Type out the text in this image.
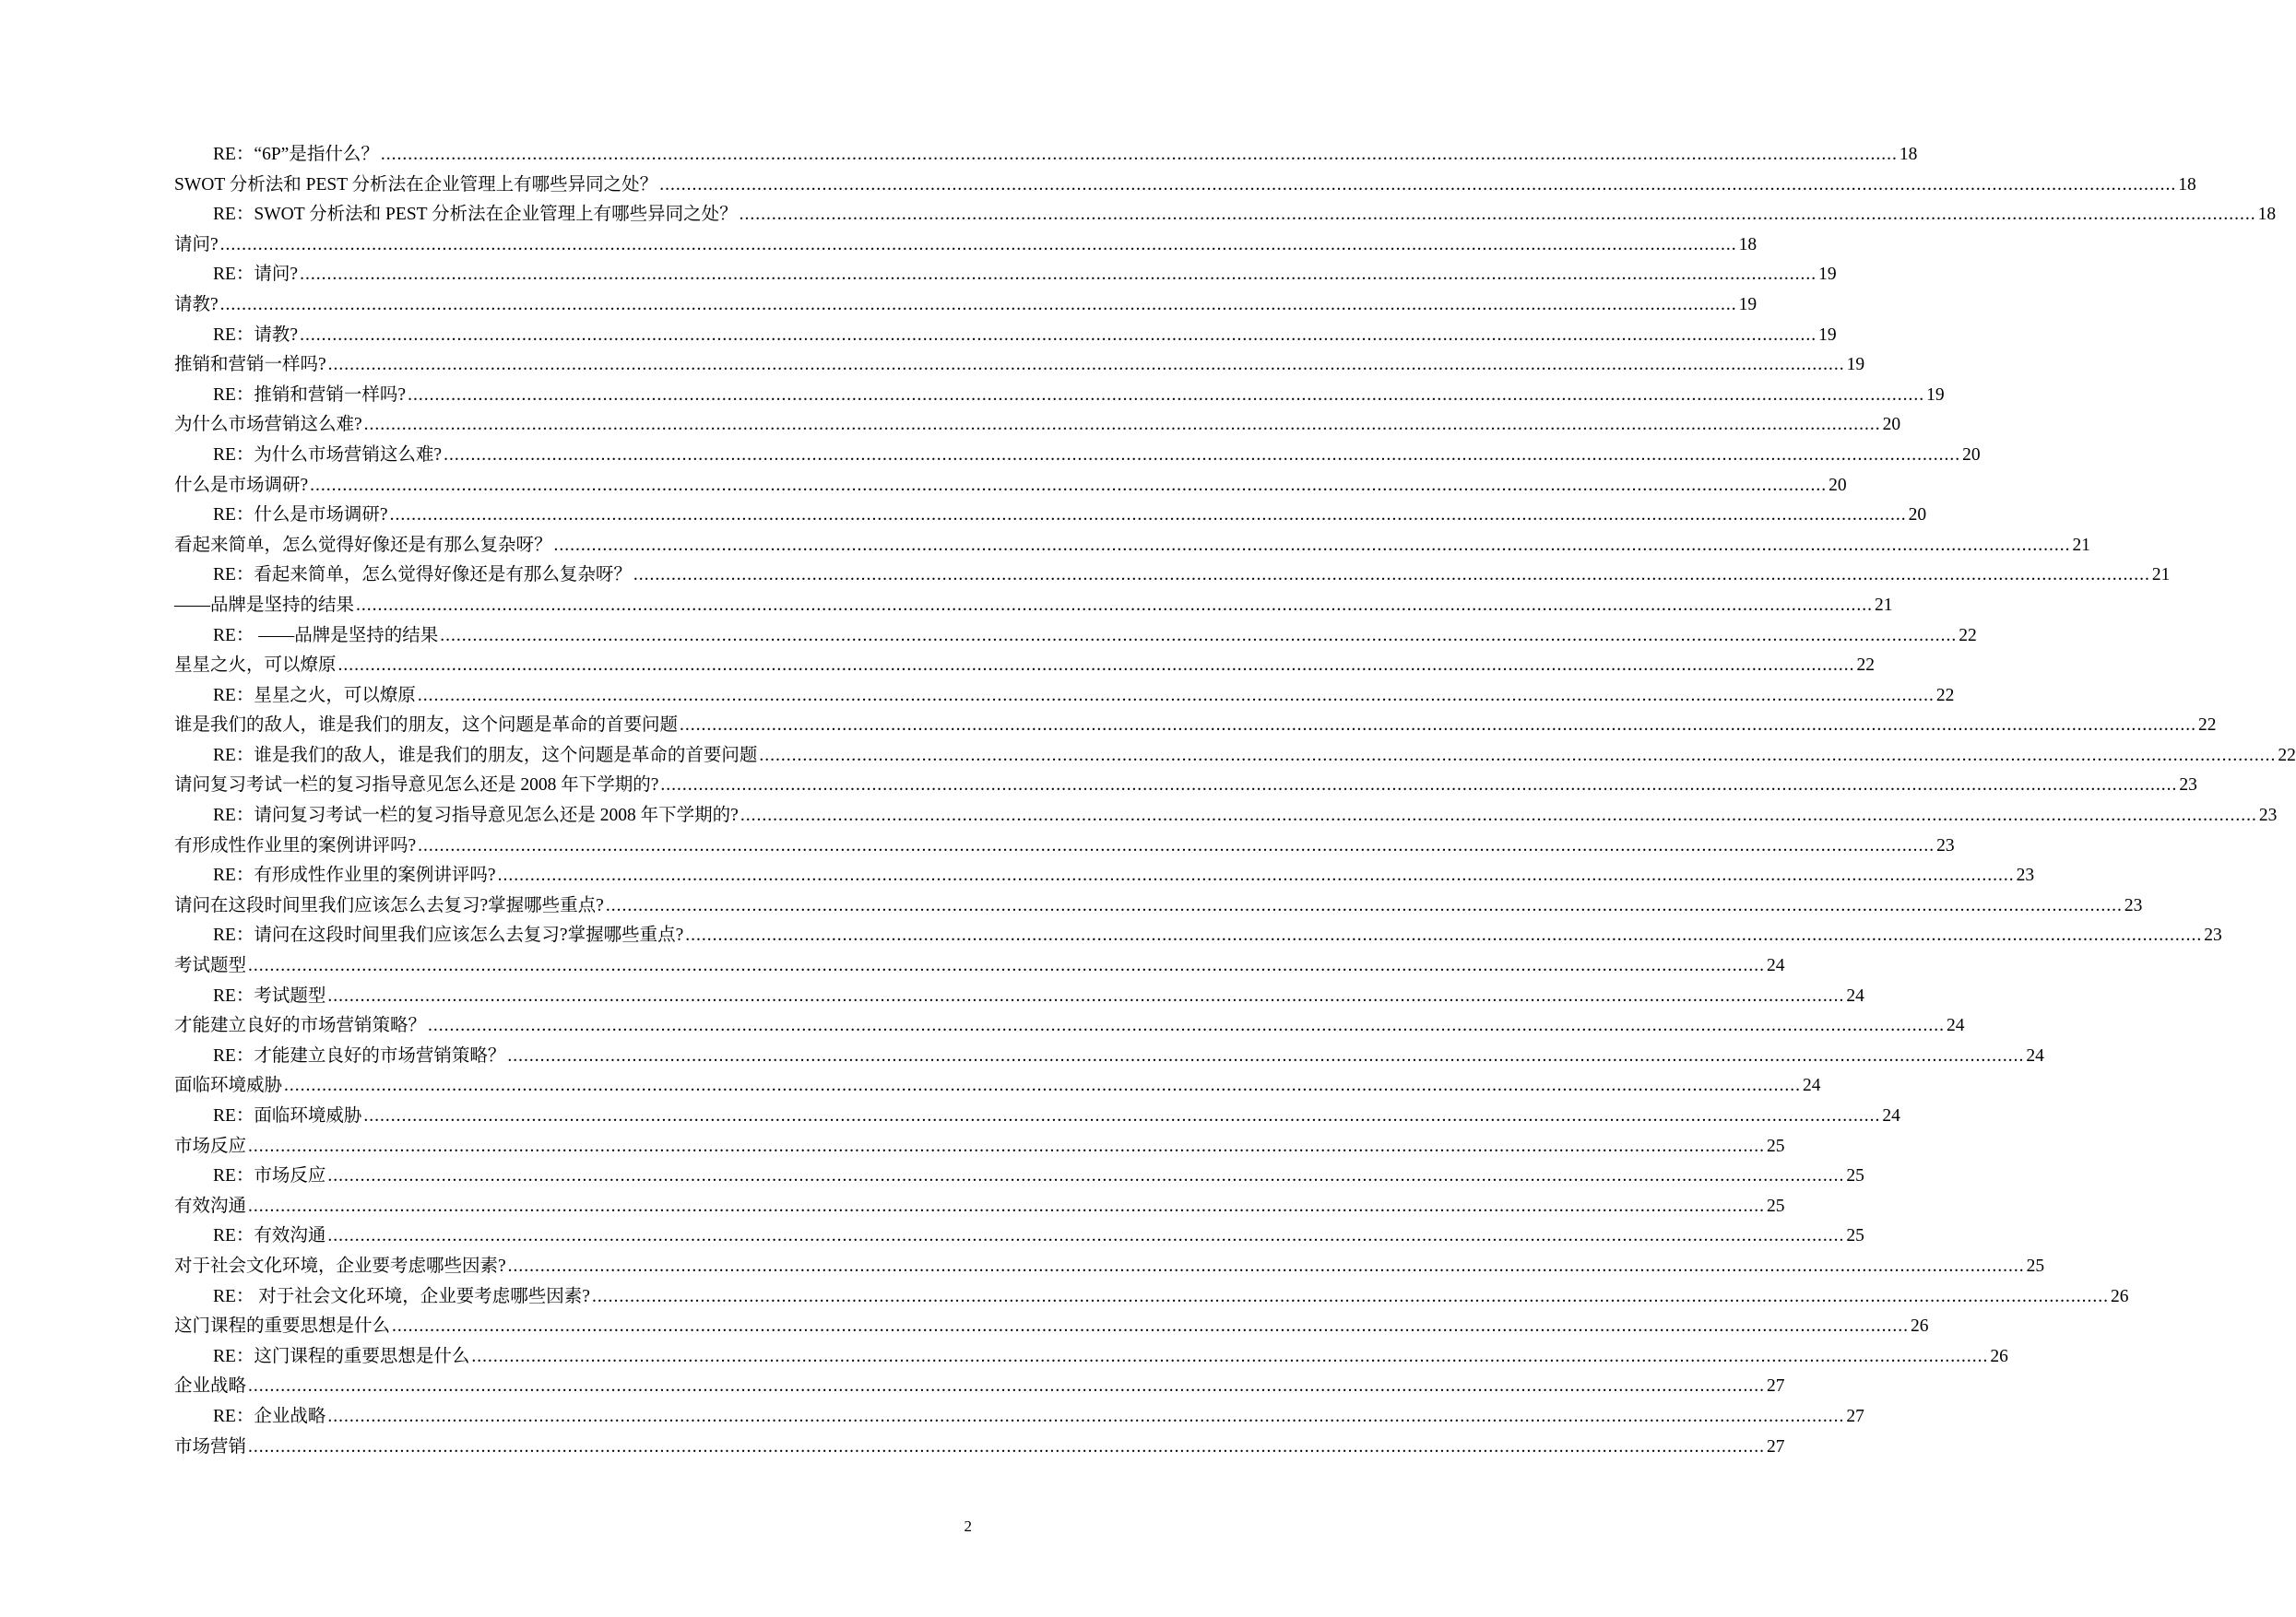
RE：“6P”是指什么？ .....	18
SWOT 分析法和 PEST 分析法在企业管理上有哪些异同之处？ .....	18
RE：SWOT 分析法和 PEST 分析法在企业管理上有哪些异同之处？ .....	18
请问? .....	18
RE：请问? .....	19
请教? .....	19
RE：请教? .....	19
推销和营销一样吗? .....	19
RE：推销和营销一样吗? .....	19
为什么市场营销这么难? .....	20
RE：为什么市场营销这么难? .....	20
什么是市场调研? .....	20
RE：什么是市场调研? .....	20
看起来简单，怎么觉得好像还是有那么复杂呀？ .....	21
RE：看起来简单，怎么觉得好像还是有那么复杂呀？ .....	21
——品牌是坚持的结果 .....	21
RE： ——品牌是坚持的结果 .....	22
星星之火，可以燎原 .....	22
RE：星星之火，可以燎原 .....	22
谁是我们的敌人，谁是我们的朋友，这个问题是革命的首要问题 .....	22
RE：谁是我们的敌人，谁是我们的朋友，这个问题是革命的首要问题 .....	22
请问复习考试一栏的复习指导意见怎么还是 2008 年下学期的? .....	23
RE：请问复习考试一栏的复习指导意见怎么还是 2008 年下学期的? .....	23
有形成性作业里的案例讲评吗? .....	23
RE：有形成性作业里的案例讲评吗? .....	23
请问在这段时间里我们应该怎么去复习?掌握哪些重点? .....	23
RE：请问在这段时间里我们应该怎么去复习?掌握哪些重点? .....	23
考试题型 .....	24
RE：考试题型 .....	24
才能建立良好的市场营销策略？ .....	24
RE：才能建立良好的市场营销策略？ .....	24
面临环境威胁 .....	24
RE：面临环境威胁 .....	24
市场反应 .....	25
RE：市场反应 .....	25
有效沟通 .....	25
RE：有效沟通 .....	25
对于社会文化环境，企业要考虑哪些因素? .....	25
RE： 对于社会文化环境，企业要考虑哪些因素? .....	26
这门课程的重要思想是什么 .....	26
RE：这门课程的重要思想是什么 .....	26
企业战略 .....	27
RE：企业战略 .....	27
市场营销 .....	27
2
